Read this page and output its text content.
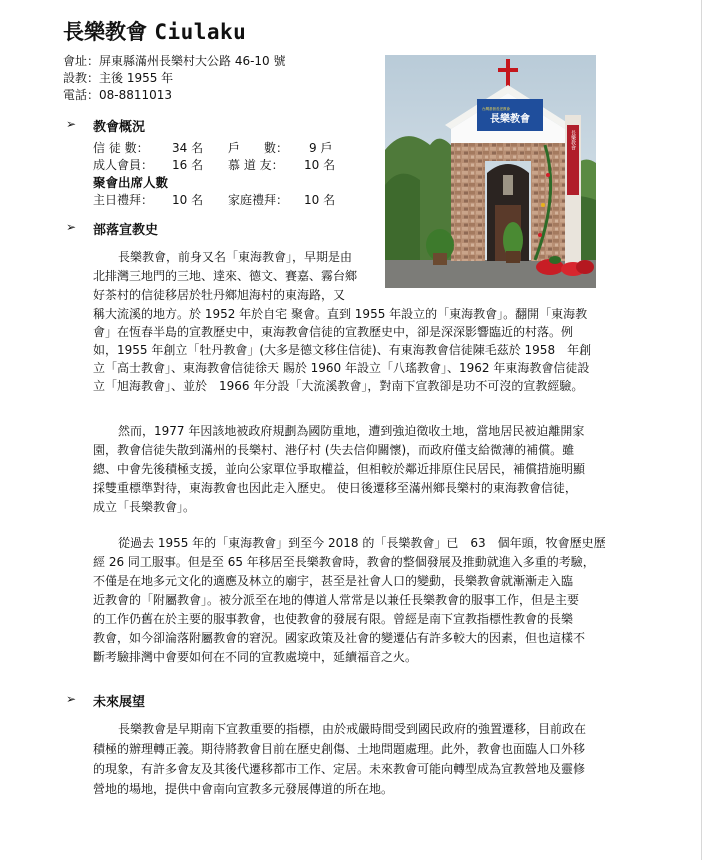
長樂教會 Ciulaku
會址：屏東縣滿州長樂村大公路 46-10 號
設教：主後 1955 年
電話：08-8811013
➢ 教會概況
信 徒 數： 34 名 戶　　數： 9 戶
成人會員： 16 名 慕 道 友： 10 名
聚會出席人數
主日禮拜： 10 名 家庭禮拜： 10 名
➢ 部落宣教史
長樂教會
台灣基督長老教會
長樂教會
長樂教會，前身又名「東海教會」，早期是由
北排灣三地門的三地、達來、德文、賽嘉、霧台鄉
好茶村的信徒移居於牡丹鄉旭海村的東海路，又
稱大流溪的地方。於 1952 年於自宅 聚會。直到 1955 年設立的「東海教會」。翻開「東海教
會」在恆春半島的宣教歷史中，東海教會信徒的宣教歷史中，卻是深深影響臨近的村落。例
如，1955 年創立「牡丹教會」(大多是德文移住信徒)、有東海教會信徒陳毛茲於 1958　年創
立「高士教會」、東海教會信徒徐天 賜於 1960 年設立「八瑤教會」、1962 年東海教會信徒設
立「旭海教會」、並於　1966 年分設「大流溪教會」，對南下宣教卻是功不可沒的宣教經驗。
然而，1977 年因該地被政府規劃為國防重地，遭到強迫徵收土地，當地居民被迫離開家
園，教會信徒失散到滿州的長樂村、港仔村 (失去信仰關懷)，而政府僅支給微薄的補償。雖
總、中會先後積極支援，並向公家單位爭取權益，但相較於鄰近排原住民居民，補償措施明顯
採雙重標準對待，東海教會也因此走入歷史。 使日後遷移至滿州鄉長樂村的東海教會信徒，
成立「長樂教會」。
從過去 1955 年的「東海教會」到至今 2018 的「長樂教會」已　63　個年頭，牧會歷史歷
經 26 同工服事。但是至 65 年移居至長樂教會時，教會的整個發展及推動就進入多重的考驗，
不僅是在地多元文化的適應及林立的廟宇，甚至是社會人口的變動，長樂教會就漸漸走入臨
近教會的「附屬教會」。被分派至在地的傳道人常常是以兼任長樂教會的服事工作，但是主要
的工作仍舊在於主要的服事教會，也使教會的發展有限。曾經是南下宣教指標性教會的長樂
教會，如今卻淪落附屬教會的窘況。國家政策及社會的變遷佔有許多較大的因素，但也這樣不
斷考驗排灣中會要如何在不同的宣教處境中，延續福音之火。
➢ 未來展望
長樂教會是早期南下宣教重要的指標，由於戒嚴時間受到國民政府的強置遷移，目前政在
積極的辦理轉正義。期待將教會目前在歷史創傷、土地問題處理。此外，教會也面臨人口外移
的現象，有許多會友及其後代遷移都市工作、定居。未來教會可能向轉型成為宣教營地及靈修
營地的場地，提供中會南向宣教多元發展傳道的所在地。
